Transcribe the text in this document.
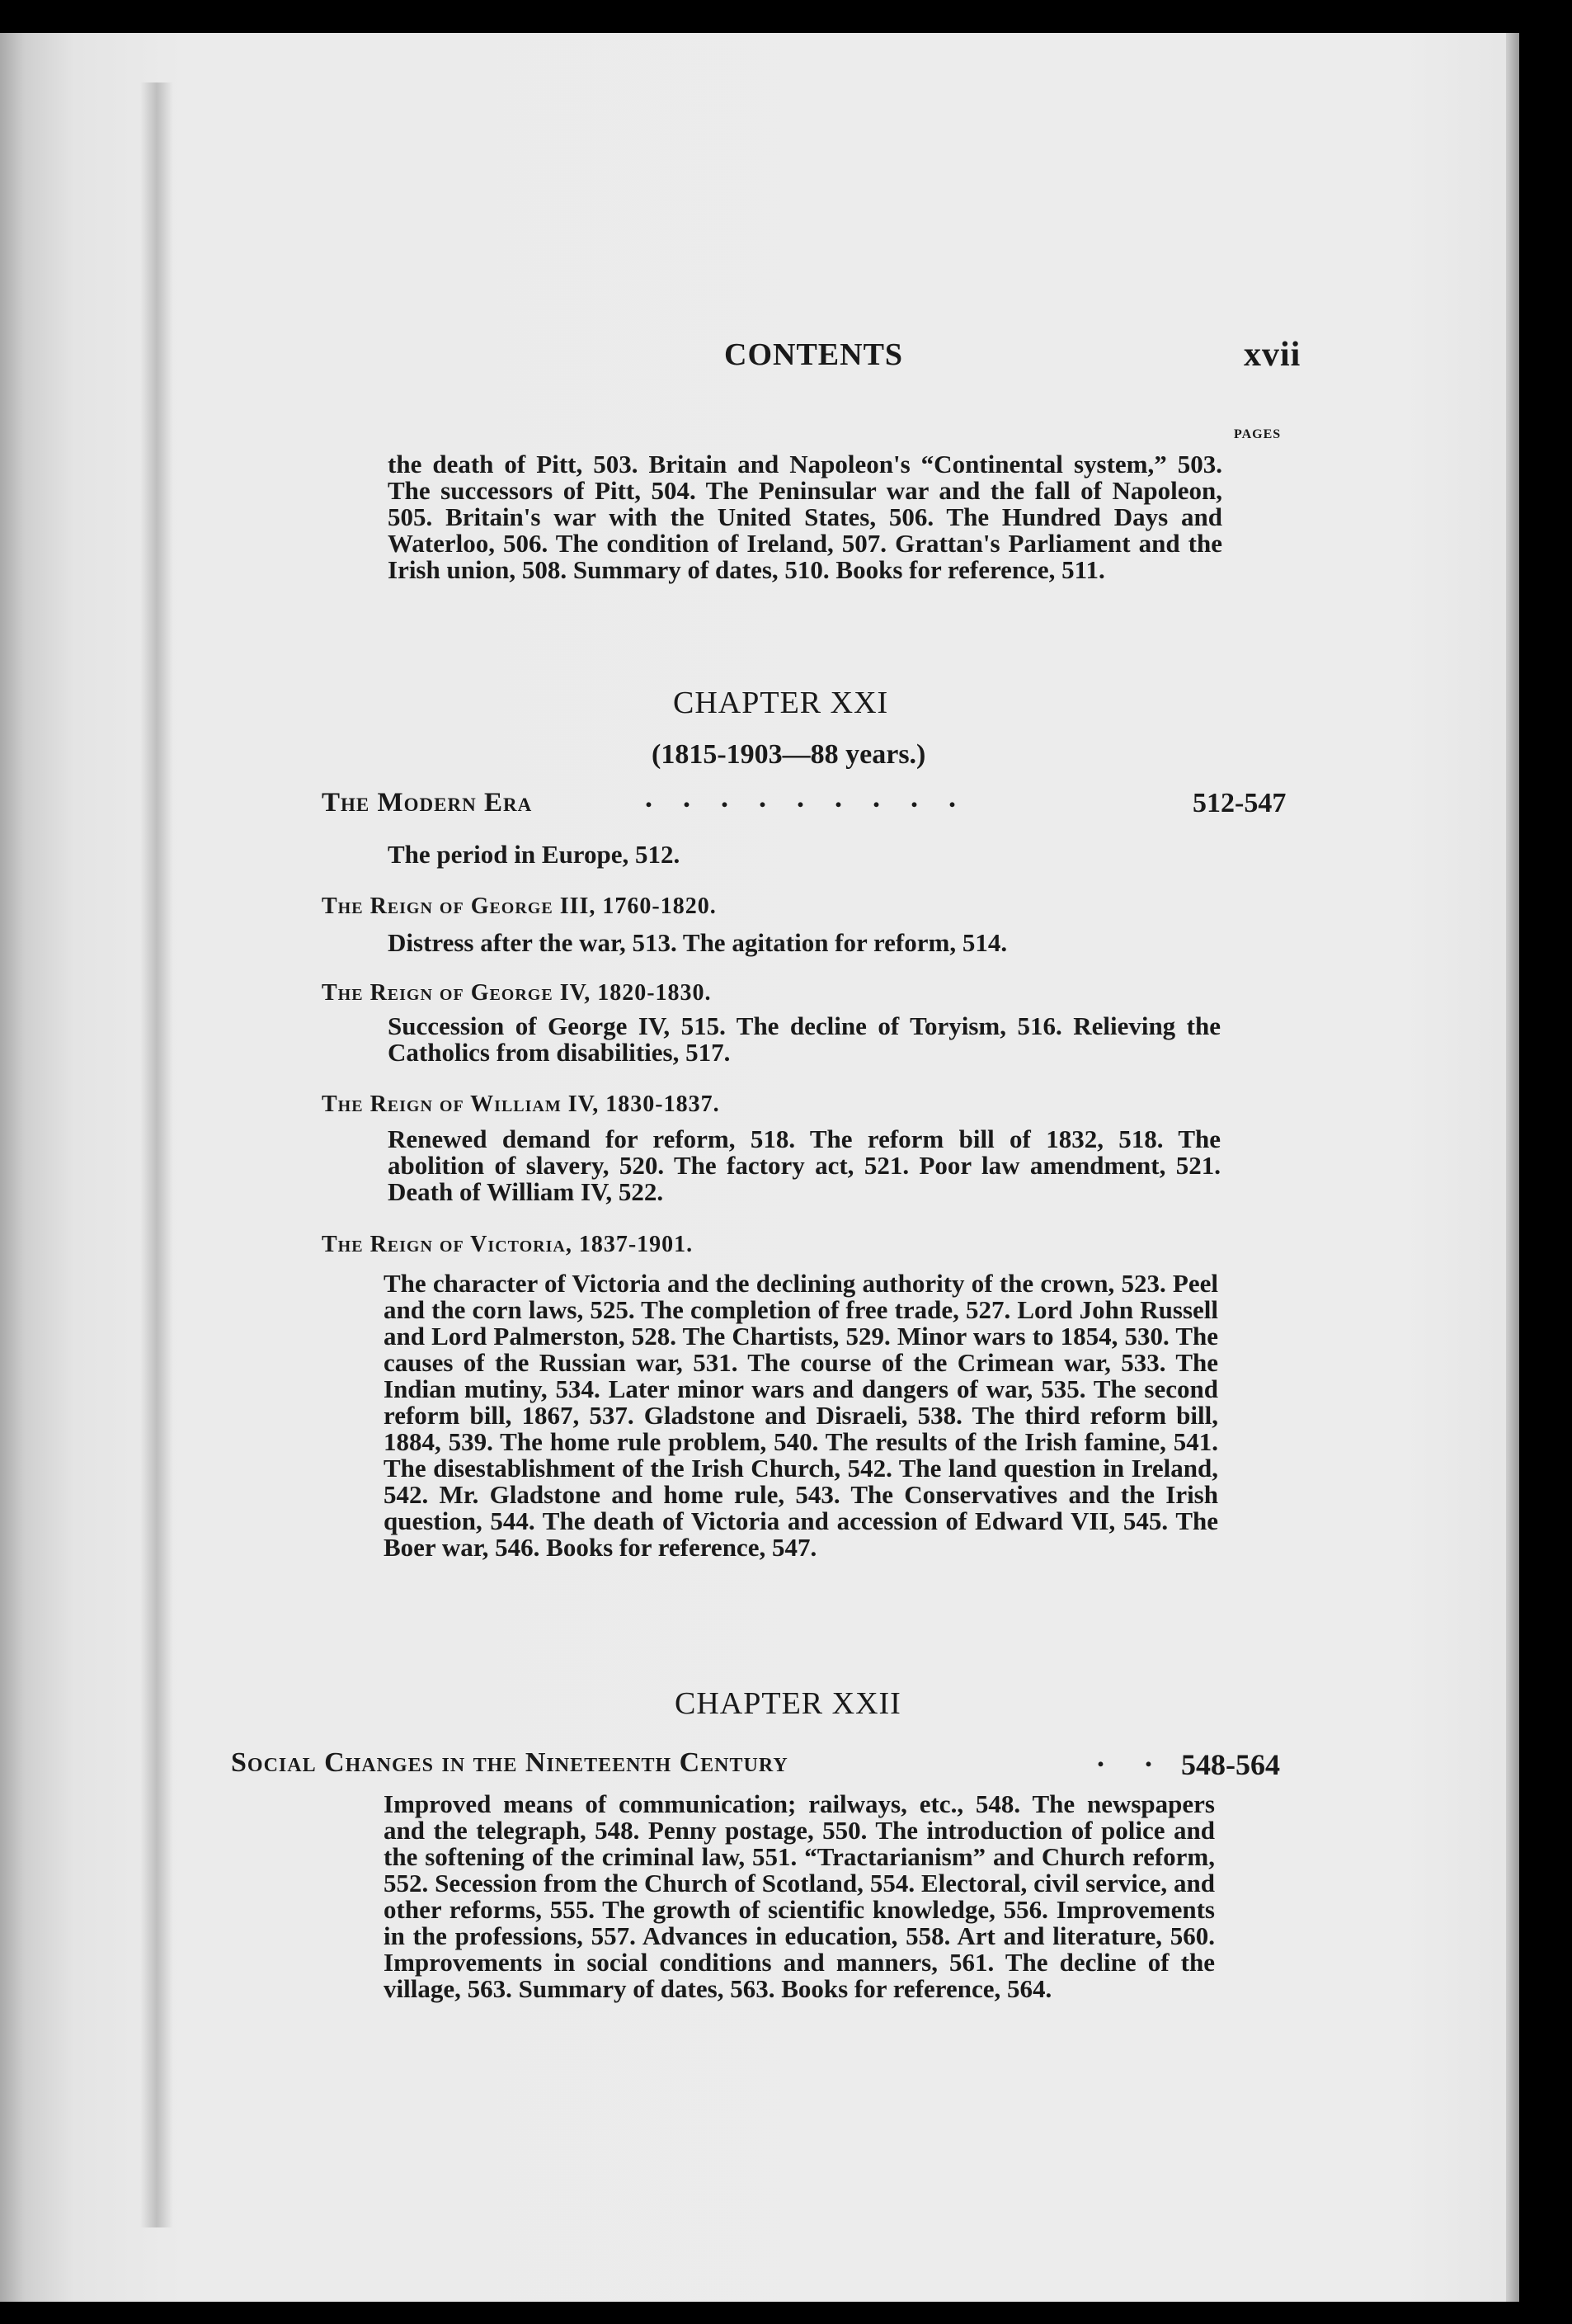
CONTENTS	xvii
PAGES
the death of Pitt, 503. Britain and Napoleon's “Continental system,” 503. The successors of Pitt, 504. The Peninsular war and the fall of Napoleon, 505. Britain's war with the United States, 506. The Hundred Days and Waterloo, 506. The condition of Ireland, 507. Grattan's Parliament and the Irish union, 508. Summary of dates, 510. Books for reference, 511.
CHAPTER XXI
(1815-1903—88 years.)
The Modern Era	. . . . . . . . .	512-547
The period in Europe, 512.
The Reign of George III, 1760-1820.
Distress after the war, 513. The agitation for reform, 514.
The Reign of George IV, 1820-1830.
Succession of George IV, 515. The decline of Toryism, 516. Relieving the Catholics from disabilities, 517.
The Reign of William IV, 1830-1837.
Renewed demand for reform, 518. The reform bill of 1832, 518. The abolition of slavery, 520. The factory act, 521. Poor law amendment, 521. Death of William IV, 522.
The Reign of Victoria, 1837-1901.
The character of Victoria and the declining authority of the crown, 523. Peel and the corn laws, 525. The completion of free trade, 527. Lord John Russell and Lord Palmerston, 528. The Chartists, 529. Minor wars to 1854, 530. The causes of the Russian war, 531. The course of the Crimean war, 533. The Indian mutiny, 534. Later minor wars and dangers of war, 535. The second reform bill, 1867, 537. Gladstone and Disraeli, 538. The third reform bill, 1884, 539. The home rule problem, 540. The results of the Irish famine, 541. The disestablishment of the Irish Church, 542. The land question in Ireland, 542. Mr. Gladstone and home rule, 543. The Conservatives and the Irish question, 544. The death of Victoria and accession of Edward VII, 545. The Boer war, 546. Books for reference, 547.
CHAPTER XXII
Social Changes in the Nineteenth Century	. . 548-564
Improved means of communication; railways, etc., 548. The newspapers and the telegraph, 548. Penny postage, 550. The introduction of police and the softening of the criminal law, 551. “Tractarianism” and Church reform, 552. Secession from the Church of Scotland, 554. Electoral, civil service, and other reforms, 555. The growth of scientific knowledge, 556. Improvements in the professions, 557. Advances in education, 558. Art and literature, 560. Improvements in social conditions and manners, 561. The decline of the village, 563. Summary of dates, 563. Books for reference, 564.
